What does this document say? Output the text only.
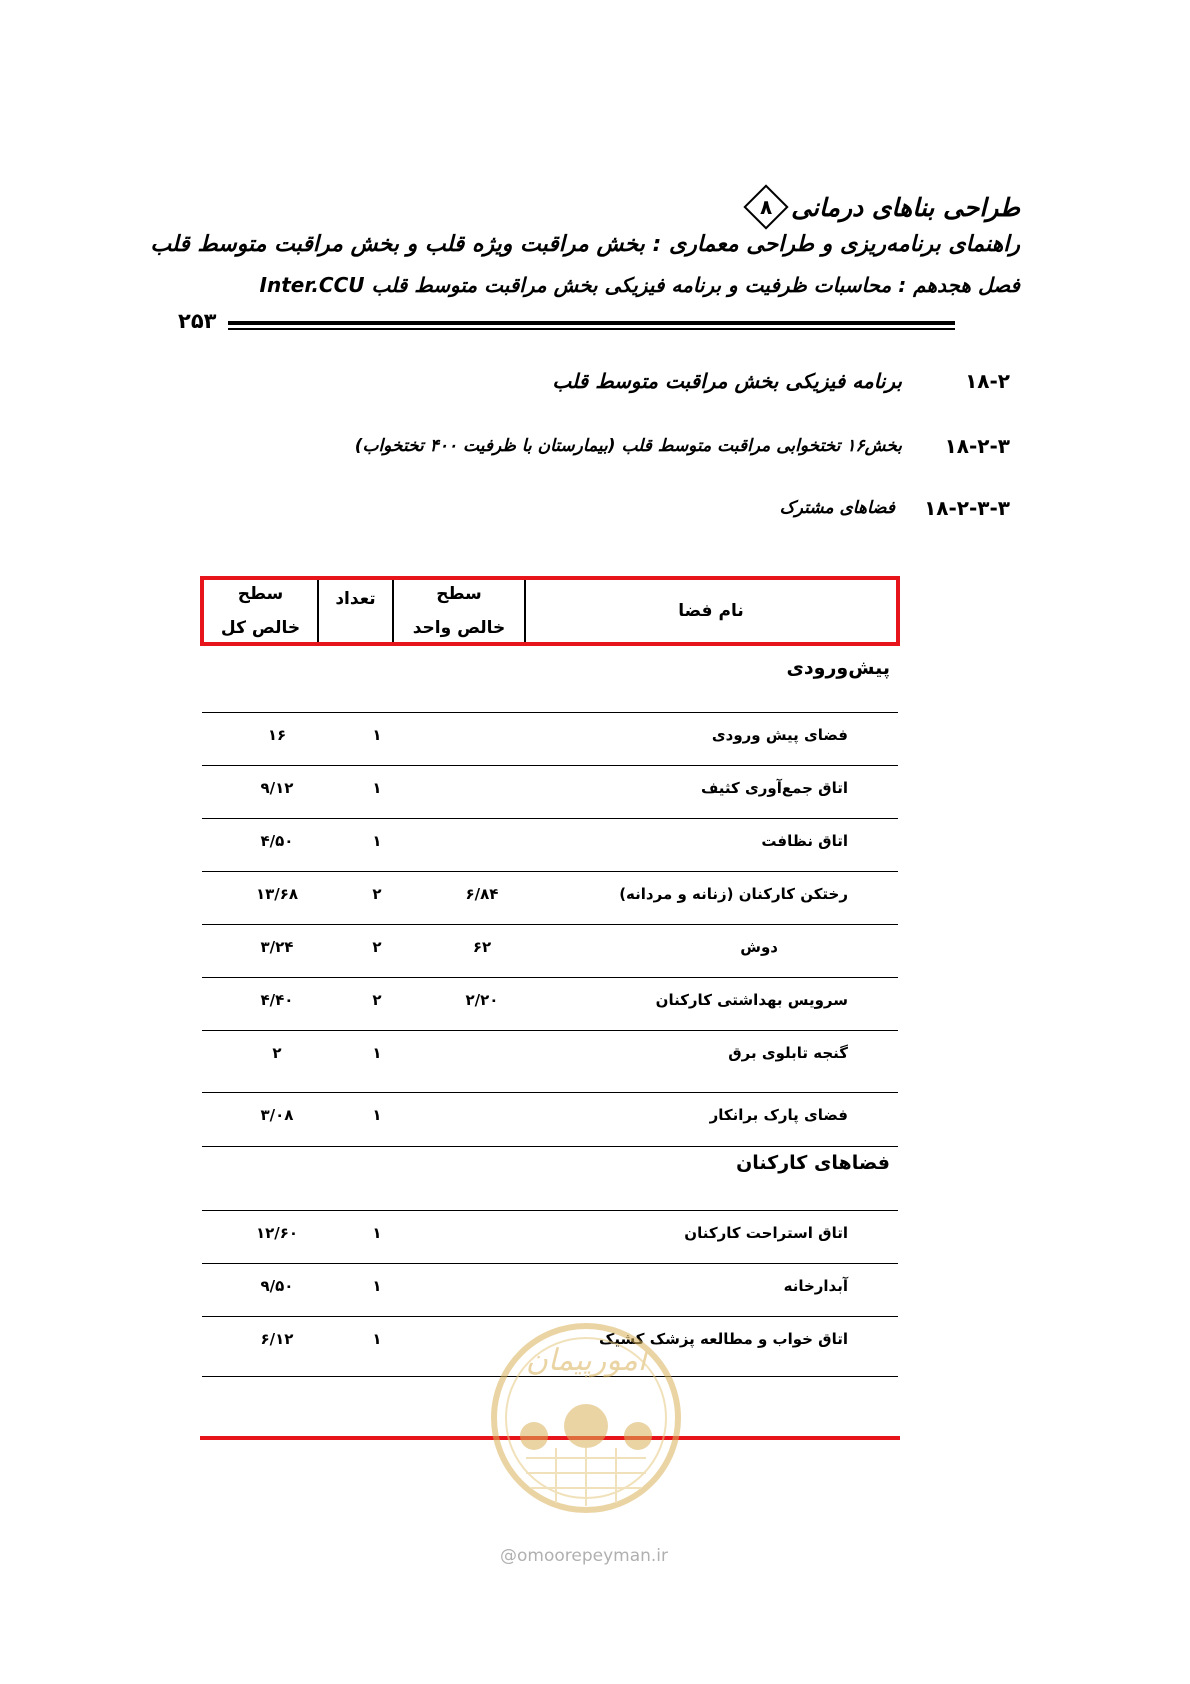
طراحی بناهای درمانی
۸
راهنمای برنامه‌ریزی و طراحی معماری : بخش مراقبت ویژه قلب و بخش مراقبت متوسط قلب
فصل هجدهم : محاسبات ظرفیت و برنامه فیزیکی بخش مراقبت متوسط قلب Inter.CCU
۲۵۳
۱۸-۲
برنامه فیزیکی بخش مراقبت متوسط قلب
۱۸-۲-۳
بخش۱۶ تختخوابی مراقبت متوسط قلب (بیمارستان با ظرفیت ۴۰۰ تختخواب)
۱۸-۲-۳-۳
فضاهای مشترک
نام فضا
سطح
خالص واحد
تعداد
سطح
خالص کل
پیش‌ورودی
فضای پیش ورودی
۱
۱۶
اتاق جمع‌آوری کثیف
۱
۹/۱۲
اتاق نظافت
۱
۴/۵۰
رختکن کارکنان (زنانه و مردانه)
۶/۸۴
۲
۱۳/۶۸
دوش
۶۲
۲
۳/۲۴
سرویس بهداشتی کارکنان
۲/۲۰
۲
۴/۴۰
گنجه تابلوی برق
۱
۲
فضای پارک برانکار
۱
۳/۰۸
فضاهای کارکنان
اتاق استراحت کارکنان
۱
۱۲/۶۰
آبدارخانه
۱
۹/۵۰
اتاق خواب و مطالعه پزشک کشیک
۱
۶/۱۲
امورپیمان
@omoorepeyman.ir
